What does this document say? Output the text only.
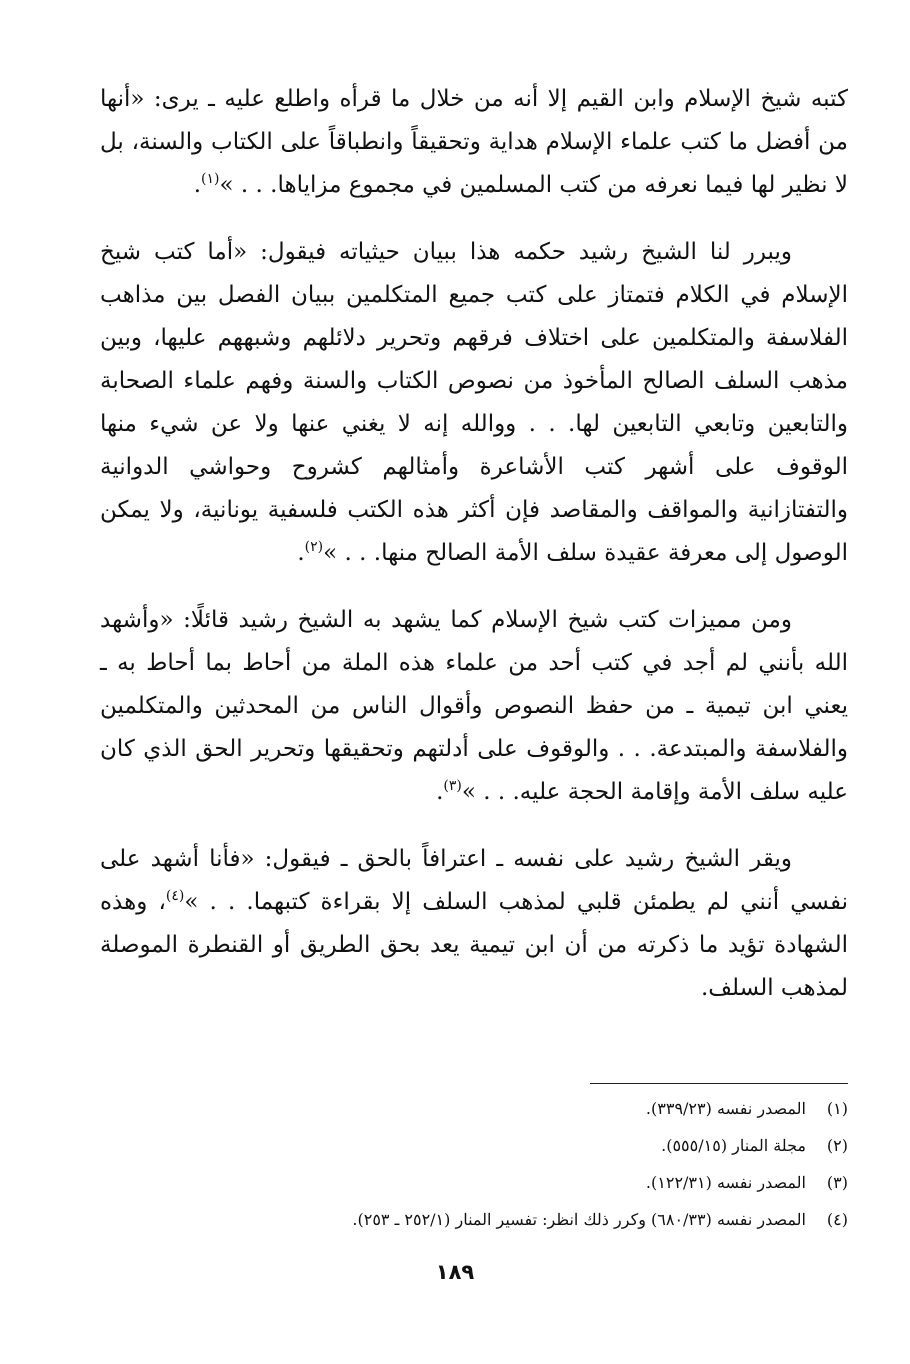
كتبه شيخ الإسلام وابن القيم إلا أنه من خلال ما قرأه واطلع عليه ـ يرى: «أنها من أفضل ما كتب علماء الإسلام هداية وتحقيقاً وانطباقاً على الكتاب والسنة، بل لا نظير لها فيما نعرفه من كتب المسلمين في مجموع مزاياها. . . »$^{(١)}$.

ويبرر لنا الشيخ رشيد حكمه هذا ببيان حيثياته فيقول: «أما كتب شيخ الإسلام في الكلام فتمتاز على كتب جميع المتكلمين ببيان الفصل بين مذاهب الفلاسفة والمتكلمين على اختلاف فرقهم وتحرير دلائلهم وشبههم عليها، وبين مذهب السلف الصالح المأخوذ من نصوص الكتاب والسنة وفهم علماء الصحابة والتابعين وتابعي التابعين لها. . . ووالله إنه لا يغني عنها ولا عن شيء منها الوقوف على أشهر كتب الأشاعرة وأمثالهم كشروح وحواشي الدوانية والتفتازانية والمواقف والمقاصد فإن أكثر هذه الكتب فلسفية يونانية، ولا يمكن الوصول إلى معرفة عقيدة سلف الأمة الصالح منها. . . »$^{(٢)}$.

ومن مميزات كتب شيخ الإسلام كما يشهد به الشيخ رشيد قائلًا: «وأشهد الله بأنني لم أجد في كتب أحد من علماء هذه الملة من أحاط بما أحاط به ـ يعني ابن تيمية ـ من حفظ النصوص وأقوال الناس من المحدثين والمتكلمين والفلاسفة والمبتدعة. . . والوقوف على أدلتهم وتحقيقها وتحرير الحق الذي كان عليه سلف الأمة وإقامة الحجة عليه. . . »$^{(٣)}$.

ويقر الشيخ رشيد على نفسه ـ اعترافاً بالحق ـ فيقول: «فأنا أشهد على نفسي أنني لم يطمئن قلبي لمذهب السلف إلا بقراءة كتبهما. . . »$^{(٤)}$، وهذه الشهادة تؤيد ما ذكرته من أن ابن تيمية يعد بحق الطريق أو القنطرة الموصلة لمذهب السلف.

(١)
المصدر نفسه (٣٣٩/٢٣).
(٢)
مجلة المنار (٥٥٥/١٥).
(٣)
المصدر نفسه (١٢٢/٣١).
(٤)
المصدر نفسه (٦٨٠/٣٣) وكرر ذلك انظر: تفسير المنار (٢٥٢/١ ـ ٢٥٣).
١٨٩
